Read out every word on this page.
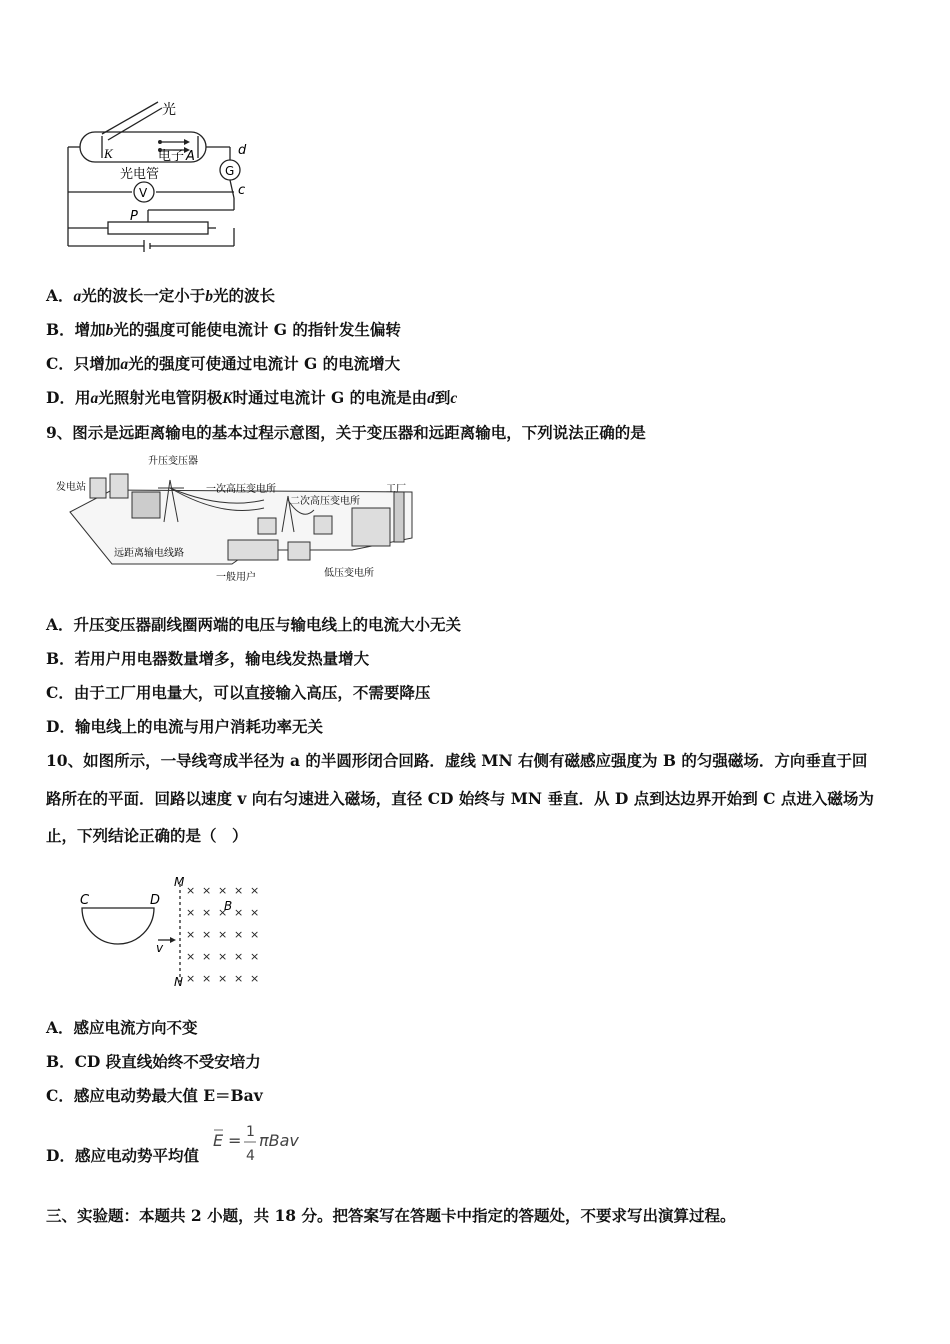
光
K	电子 A
光电管	G
V
d
c
P
A．a光的波长一定小于b光的波长
B．增加b光的强度可能使电流计 G 的指针发生偏转
C．只增加a光的强度可使通过电流计 G 的电流增大
D．用a光照射光电管阴极K时通过电流计 G 的电流是由d到c
9、图示是远距离输电的基本过程示意图，关于变压器和远距离输电，下列说法正确的是
升压变压器
发电站	一次高压变电所
二次高压变电所
工厂
远距离输电线路
一般用户	低压变电所
A．升压变压器副线圈两端的电压与输电线上的电流大小无关
B．若用户用电器数量增多，输电线发热量增大
C．由于工厂用电量大，可以直接输入高压，不需要降压
D．输电线上的电流与用户消耗功率无关
10、如图所示，一导线弯成半径为 a 的半圆形闭合回路．虚线 MN 右侧有磁感应强度为 B 的匀强磁场．方向垂直于回
路所在的平面．回路以速度 v 向右匀速进入磁场，直径 CD 始终与 MN 垂直．从 D 点到达边界开始到 C 点进入磁场为
止，下列结论正确的是（　）
C	D
M
N
B
v
× × × × ×
× × × × ×
× × × × ×
× × × × ×
× × × × ×
A．感应电流方向不变
B．CD 段直线始终不受安培力
C．感应电动势最大值 E＝Bav
D．感应电动势平均值
E = 1
4
πBav
三、实验题：本题共 2 小题，共 18 分。把答案写在答题卡中指定的答题处，不要求写出演算过程。
